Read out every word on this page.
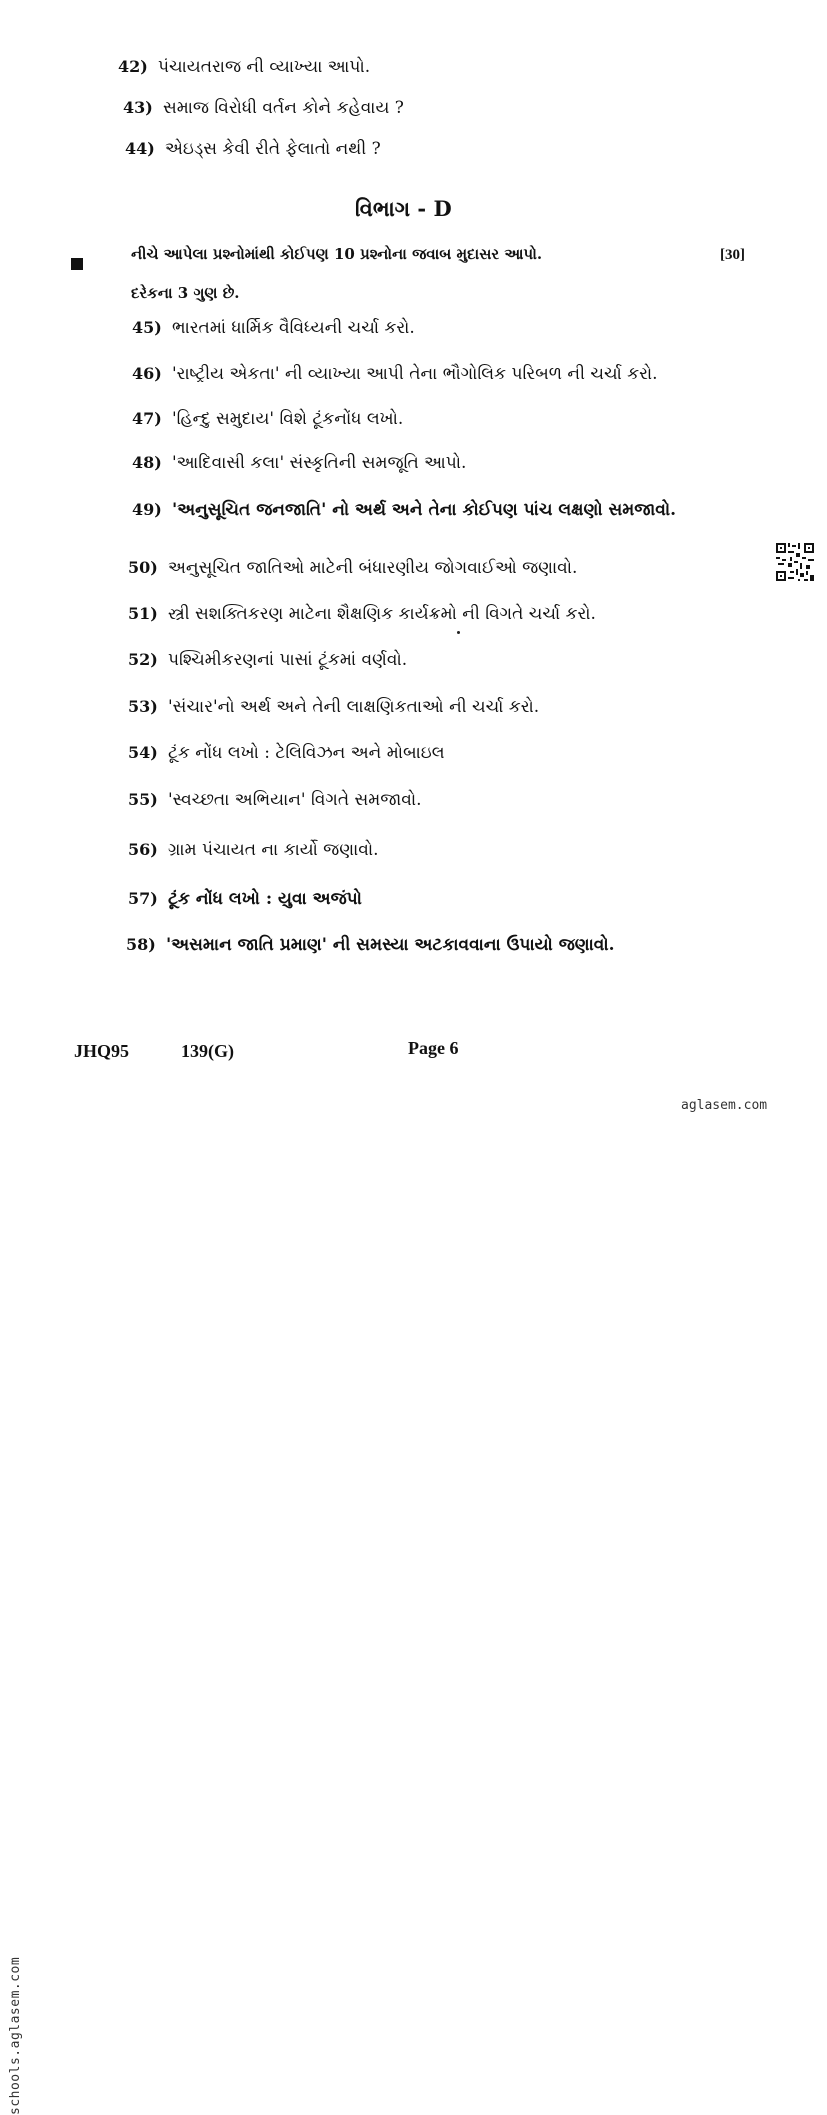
42) પંચાયતરાજ ની વ્યાખ્યા આપો.
43) સમાજ વિરોધી વર્તન કોને કહેવાય ?
44) એઇડ્સ કેવી રીતે ફેલાતો નથી ?
વિભાગ - D
નીચે આપેલા પ્રશ્નોમાંથી કોઈપણ 10 પ્રશ્નોના જવાબ મુદાસર આપો.
દરેકના 3 ગુણ છે.
[30]
45) ભારતમાં ધાર્મિક વૈવિધ્યની ચર્ચા કરો.
46) 'રાષ્ટ્રીય એકતા' ની વ્યાખ્યા આપી તેના ભૌગોલિક પરિબળ ની ચર્ચા કરો.
47) 'હિન્દુ સમુદાય' વિશે ટૂંકનોંધ લખો.
48) 'આદિવાસી કલા' સંસ્કૃતિની સમજૂતિ આપો.
49) 'અનુસૂચિત જનજાતિ' નો અર્થ અને તેના કોઈપણ પાંચ લક્ષણો સમજાવો.
50) અનુસૂચિત જાતિઓ માટેની બંધારણીય જોગવાઈઓ જણાવો.
51) સ્ત્રી સશક્તિકરણ માટેના શૈક્ષણિક કાર્યક્રમો ની વિગતે ચર્ચા કરો.
52) પશ્ચિમીકરણનાં પાસાં ટૂંકમાં વર્ણવો.
53) 'સંચાર'નો અર્થ અને તેની લાક્ષણિકતાઓ ની ચર્ચા કરો.
54) ટૂંક નોંધ લખો : ટેલિવિઝન અને મોબાઇલ
55) 'સ્વચ્છતા અભિયાન' વિગતે સમજાવો.
56) ગ્રામ પંચાયત ના કાર્યો જણાવો.
57) ટૂંક નોંધ લખો : યુવા અજંપો
58) 'અસમાન જાતિ પ્રમાણ' ની સમસ્યા અટકાવવાના ઉપાયો જણાવો.
JHQ95	139(G)	Page 6
schools.aglasem.com
aglasem.com
